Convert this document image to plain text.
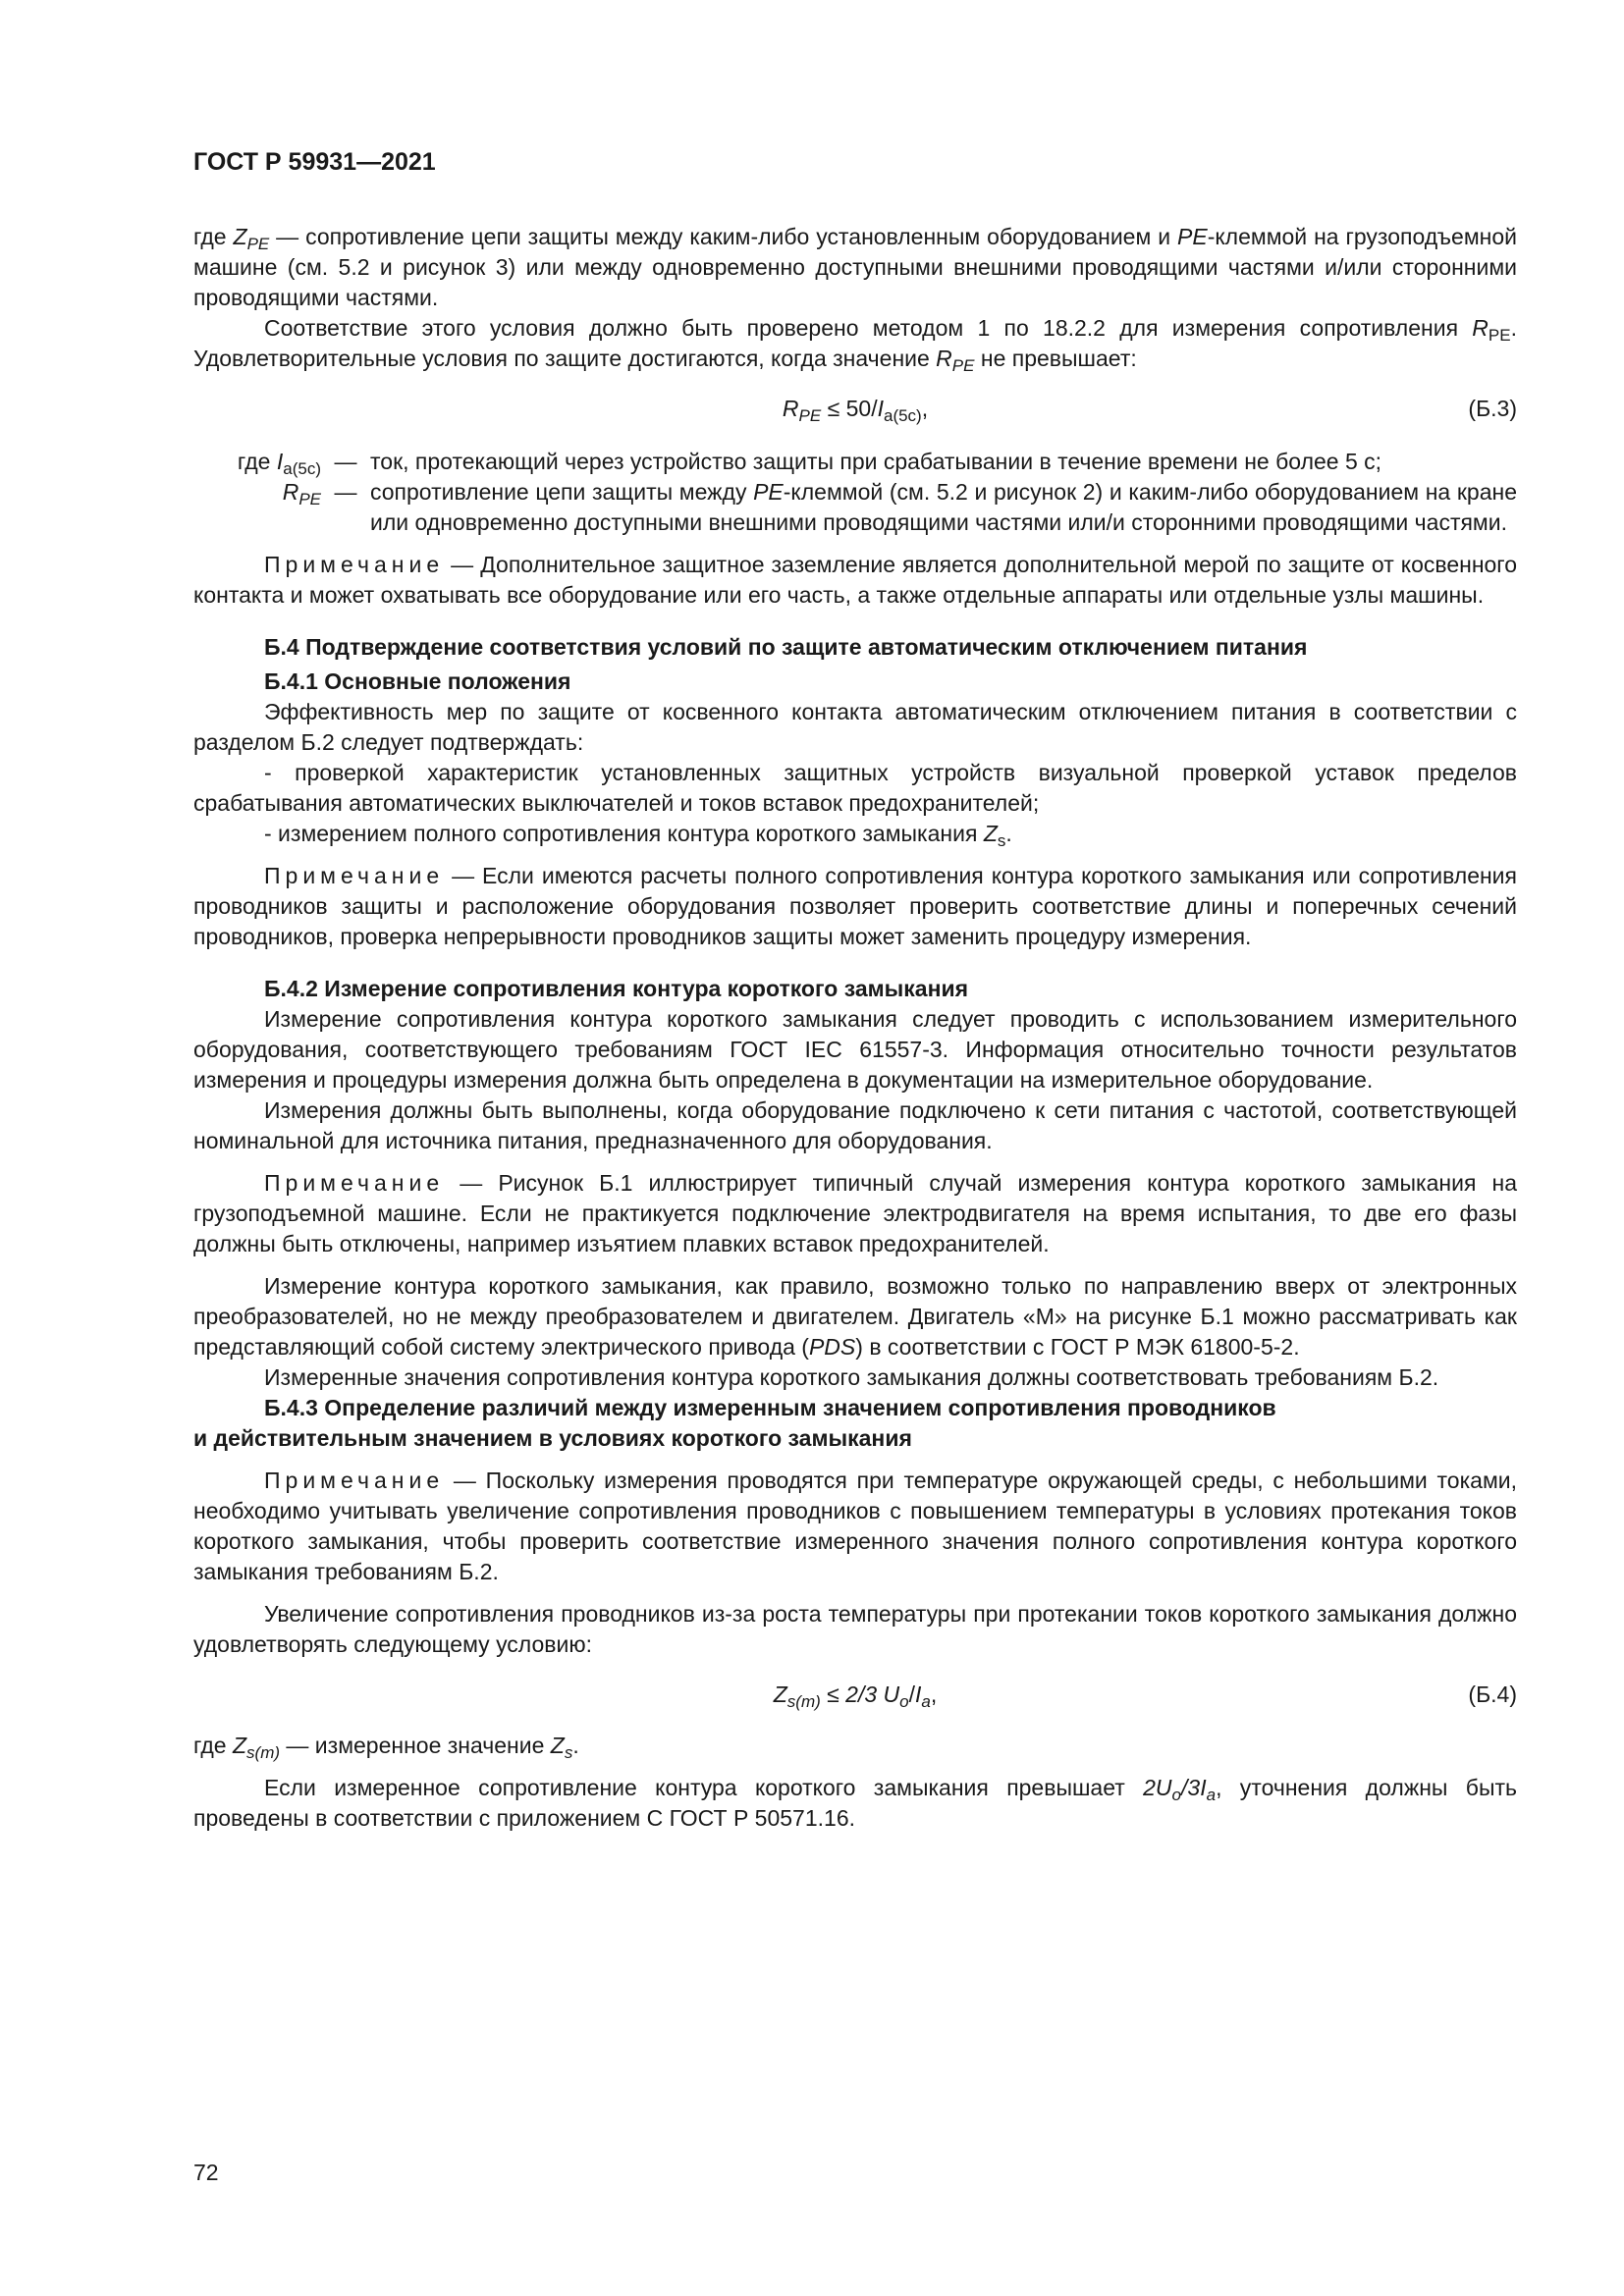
ГОСТ Р 59931—2021

где $Z_{PE}$ — сопротивление цепи защиты между каким-либо установленным оборудованием и PE-клеммой на грузоподъемной машине (см. 5.2 и рисунок 3) или между одновременно доступными внешними проводящими частями и/или сторонними проводящими частями.

Соответствие этого условия должно быть проверено методом 1 по 18.2.2 для измерения сопротивления $R_{PE}$. Удовлетворительные условия по защите достигаются, когда значение $R_{PE}$ не превышает:

$R_{PE} \le 50/I_{а(5с)}$,	(Б.3)
где $I_{а(5с)}$ — ток, протекающий через устройство защиты при срабатывании в течение времени не более 5 с;
$R_{PE}$ — сопротивление цепи защиты между PE-клеммой (см. 5.2 и рисунок 2) и каким-либо оборудованием на кране или одновременно доступными внешними проводящими частями или/и сторонними проводящими частями.

Примечание — Дополнительное защитное заземление является дополнительной мерой по защите от косвенного контакта и может охватывать все оборудование или его часть, а также отдельные аппараты или отдельные узлы машины.

Б.4 Подтверждение соответствия условий по защите автоматическим отключением питания

Б.4.1 Основные положения

Эффективность мер по защите от косвенного контакта автоматическим отключением питания в соответствии с разделом Б.2 следует подтверждать:

- проверкой характеристик установленных защитных устройств визуальной проверкой уставок пределов срабатывания автоматических выключателей и токов вставок предохранителей;

- измерением полного сопротивления контура короткого замыкания $Z_s$.

Примечание — Если имеются расчеты полного сопротивления контура короткого замыкания или сопротивления проводников защиты и расположение оборудования позволяет проверить соответствие длины и поперечных сечений проводников, проверка непрерывности проводников защиты может заменить процедуру измерения.

Б.4.2 Измерение сопротивления контура короткого замыкания

Измерение сопротивления контура короткого замыкания следует проводить с использованием измерительного оборудования, соответствующего требованиям ГОСТ IEC 61557-3. Информация относительно точности результатов измерения и процедуры измерения должна быть определена в документации на измерительное оборудование.

Измерения должны быть выполнены, когда оборудование подключено к сети питания с частотой, соответствующей номинальной для источника питания, предназначенного для оборудования.

Примечание — Рисунок Б.1 иллюстрирует типичный случай измерения контура короткого замыкания на грузоподъемной машине. Если не практикуется подключение электродвигателя на время испытания, то две его фазы должны быть отключены, например изъятием плавких вставок предохранителей.

Измерение контура короткого замыкания, как правило, возможно только по направлению вверх от электронных преобразователей, но не между преобразователем и двигателем. Двигатель «М» на рисунке Б.1 можно рассматривать как представляющий собой систему электрического привода (PDS) в соответствии с ГОСТ Р МЭК 61800-5-2.

Измеренные значения сопротивления контура короткого замыкания должны соответствовать требованиям Б.2.

Б.4.3 Определение различий между измеренным значением сопротивления проводников

и действительным значением в условиях короткого замыкания

Примечание — Поскольку измерения проводятся при температуре окружающей среды, с небольшими токами, необходимо учитывать увеличение сопротивления проводников с повышением температуры в условиях протекания токов короткого замыкания, чтобы проверить соответствие измеренного значения полного сопротивления контура короткого замыкания требованиям Б.2.

Увеличение сопротивления проводников из-за роста температуры при протекании токов короткого замыкания должно удовлетворять следующему условию:

$Z_{s(m)} \le 2/3$ $U_o/I_a$,	(Б.4)

где $Z_{s(m)}$ — измеренное значение $Z_s$.

Если измеренное сопротивление контура короткого замыкания превышает $2U_o/3I_a$, уточнения должны быть проведены в соответствии с приложением С ГОСТ Р 50571.16.

72
